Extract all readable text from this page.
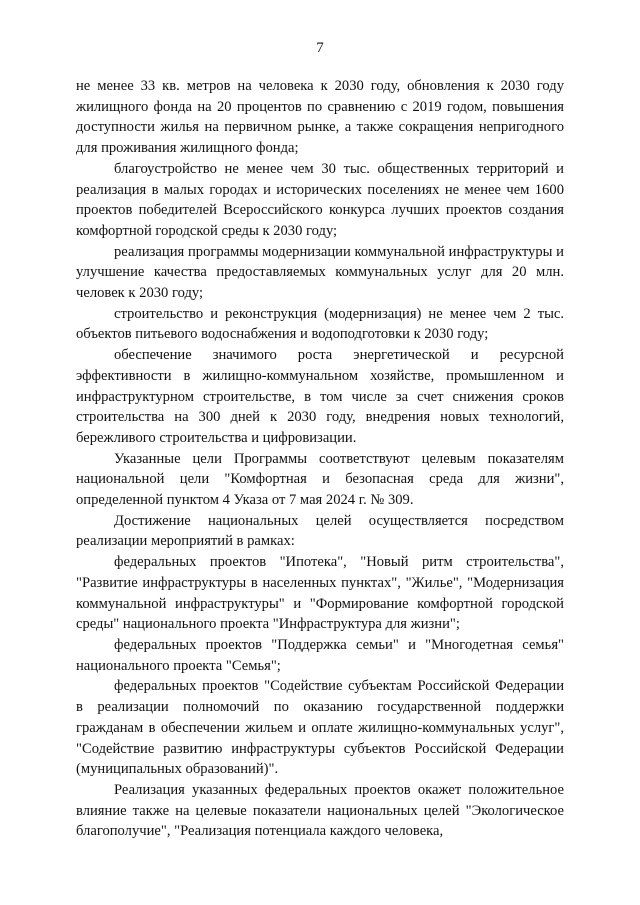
7

не менее 33 кв. метров на человека к 2030 году, обновления к 2030 году жилищного фонда на 20 процентов по сравнению с 2019 годом, повышения доступности жилья на первичном рынке, а также сокращения непригодного для проживания жилищного фонда;

благоустройство не менее чем 30 тыс. общественных территорий и реализация в малых городах и исторических поселениях не менее чем 1600 проектов победителей Всероссийского конкурса лучших проектов создания комфортной городской среды к 2030 году;

реализация программы модернизации коммунальной инфраструктуры и улучшение качества предоставляемых коммунальных услуг для 20 млн. человек к 2030 году;

строительство и реконструкция (модернизация) не менее чем 2 тыс. объектов питьевого водоснабжения и водоподготовки к 2030 году;

обеспечение значимого роста энергетической и ресурсной эффективности в жилищно-коммунальном хозяйстве, промышленном и инфраструктурном строительстве, в том числе за счет снижения сроков строительства на 300 дней к 2030 году, внедрения новых технологий, бережливого строительства и цифровизации.

Указанные цели Программы соответствуют целевым показателям национальной цели "Комфортная и безопасная среда для жизни", определенной пунктом 4 Указа от 7 мая 2024 г. № 309.

Достижение национальных целей осуществляется посредством реализации мероприятий в рамках:

федеральных проектов "Ипотека", "Новый ритм строительства", "Развитие инфраструктуры в населенных пунктах", "Жилье", "Модернизация коммунальной инфраструктуры" и "Формирование комфортной городской среды" национального проекта "Инфраструктура для жизни";

федеральных проектов "Поддержка семьи" и "Многодетная семья" национального проекта "Семья";

федеральных проектов "Содействие субъектам Российской Федерации в реализации полномочий по оказанию государственной поддержки гражданам в обеспечении жильем и оплате жилищно-коммунальных услуг", "Содействие развитию инфраструктуры субъектов Российской Федерации (муниципальных образований)".

Реализация указанных федеральных проектов окажет положительное влияние также на целевые показатели национальных целей "Экологическое благополучие", "Реализация потенциала каждого человека,
